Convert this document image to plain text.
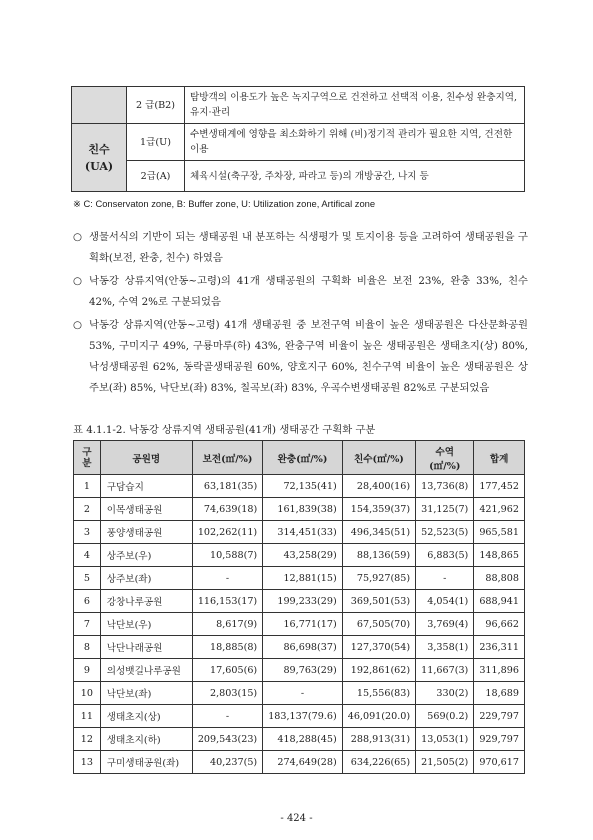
	2 급(B2)	탐방객의 이용도가 높은 녹지구역으로 건전하고 선택적 이용, 친수성 완충지역, 유지·관리
친수
(UA)	1급(U)	수변생태계에 영향을 최소화하기 위해 (비)정기적 관리가 필요한 지역, 건전한 이용
	2급(A)	체육시설(축구장, 주차장, 파라고 등)의 개방공간, 나지 등
※ C: Conservaton zone, B: Buffer zone, U: Utilization zone, Artifical zone
○ 생물서식의 기반이 되는 생태공원 내 분포하는 식생평가 및 토지이용 등을 고려하여 생태공원을 구획화(보전, 완충, 친수) 하였음
○ 낙동강 상류지역(안동~고령)의 41개 생태공원의 구획화 비율은 보전 23%, 완충 33%, 친수42%, 수역 2%로 구분되었음
○ 낙동강 상류지역(안동~고령) 41개 생태공원 중 보전구역 비율이 높은 생태공원은 다산문화공원 53%, 구미지구 49%, 구룡마루(하) 43%, 완충구역 비율이 높은 생태공원은 생태초지(상) 80%, 낙성생태공원 62%, 동락골생태공원 60%, 양호지구 60%, 친수구역 비율이 높은 생태공원은 상주보(좌) 85%, 낙단보(좌) 83%, 칠곡보(좌) 83%, 우곡수변생태공원 82%로 구분되었음
표 4.1.1-2. 낙동강 상류지역 생태공원(41개) 생태공간 구획화 구분
구분	공원명	보전(㎡/%)	완충(㎡/%)	친수(㎡/%)	수역(㎡/%)	합계
1	구담습지	63,181(35)	72,135(41)	28,400(16)	13,736(8)	177,452
2	이목생태공원	74,639(18)	161,839(38)	154,359(37)	31,125(7)	421,962
3	풍양생태공원	102,262(11)	314,451(33)	496,345(51)	52,523(5)	965,581
4	상주보(우)	10,588(7)	43,258(29)	88,136(59)	6,883(5)	148,865
5	상주보(좌)	-	12,881(15)	75,927(85)	-	88,808
6	강창나루공원	116,153(17)	199,233(29)	369,501(53)	4,054(1)	688,941
7	낙단보(우)	8,617(9)	16,771(17)	67,505(70)	3,769(4)	96,662
8	낙단나래공원	18,885(8)	86,698(37)	127,370(54)	3,358(1)	236,311
9	의성뱃길나루공원	17,605(6)	89,763(29)	192,861(62)	11,667(3)	311,896
10	낙단보(좌)	2,803(15)	-	15,556(83)	330(2)	18,689
11	생태초지(상)	-	183,137(79.6)	46,091(20.0)	569(0.2)	229,797
12	생태초지(하)	209,543(23)	418,288(45)	288,913(31)	13,053(1)	929,797
13	구미생태공원(좌)	40,237(5)	274,649(28)	634,226(65)	21,505(2)	970,617
- 424 -
